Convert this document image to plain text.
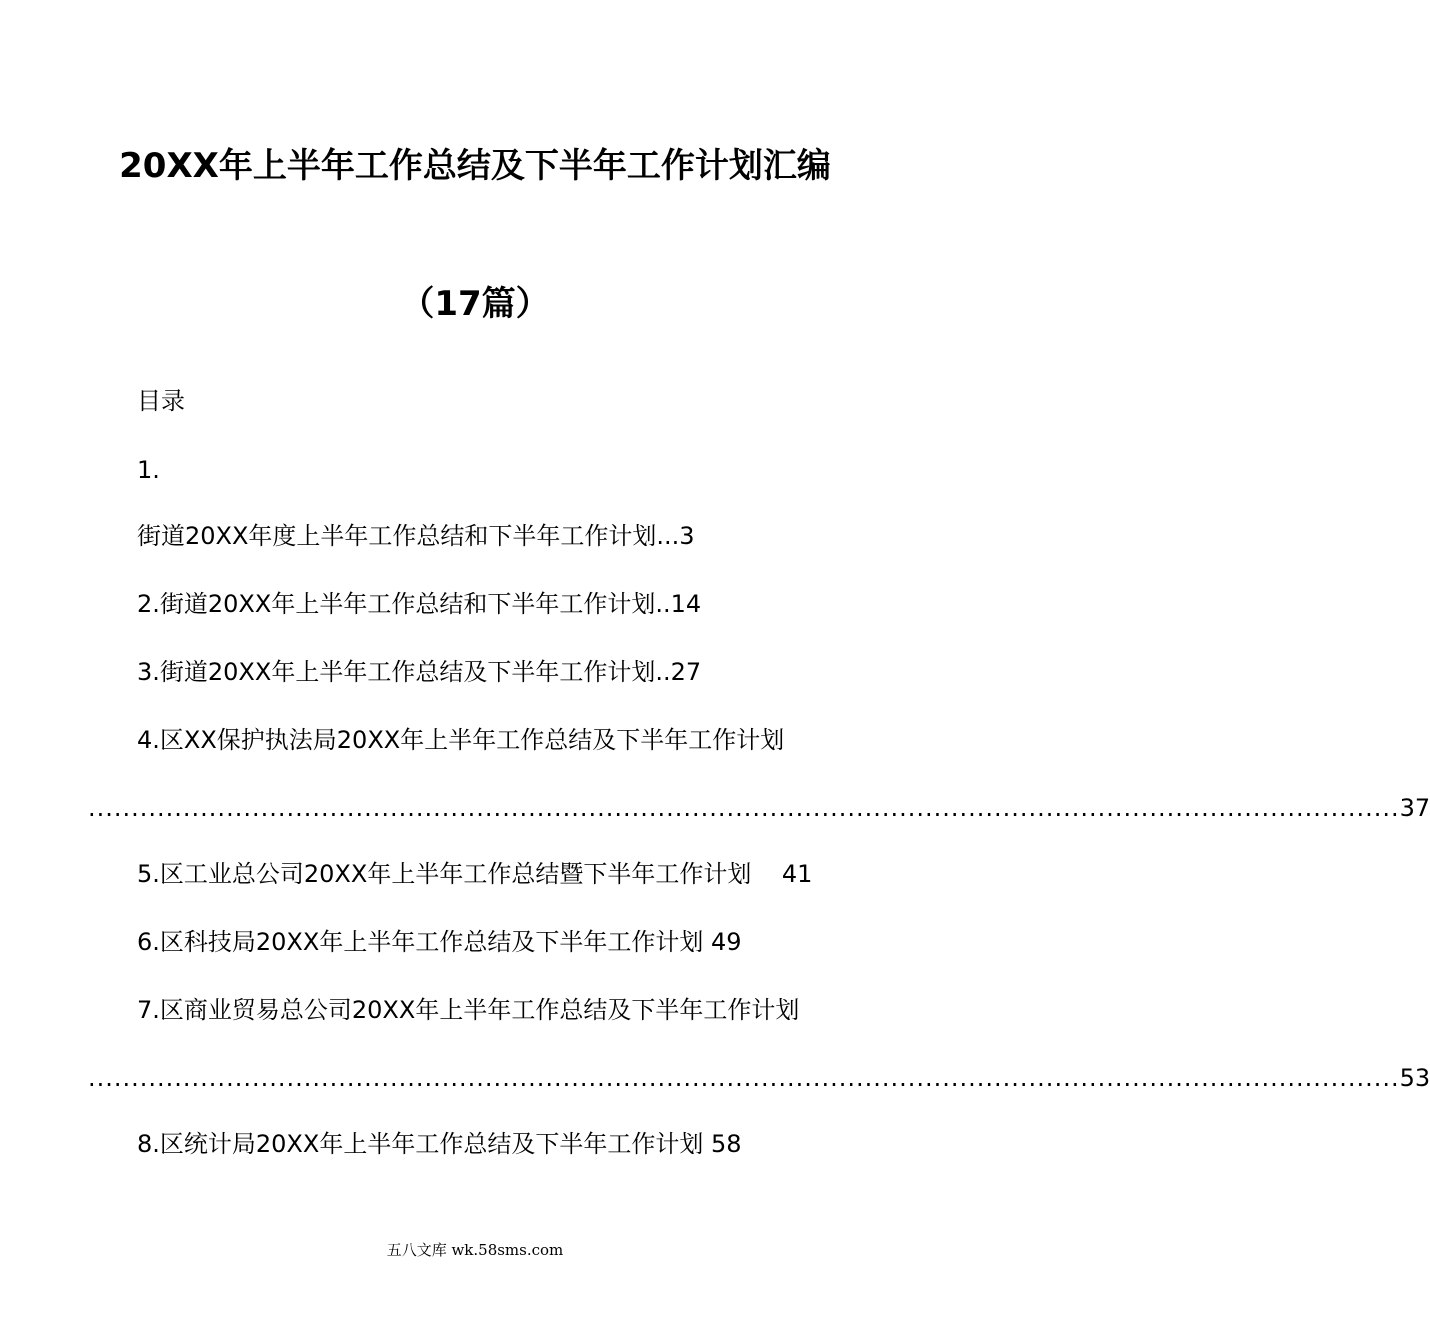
20XX年上半年工作总结及下半年工作计划汇编
（17篇）
目录
1.
街道20XX年度上半年工作总结和下半年工作计划...3
2.街道20XX年上半年工作总结和下半年工作计划..14
3.街道20XX年上半年工作总结及下半年工作计划..27
4.区XX保护执法局20XX年上半年工作总结及下半年工作计划
........................................................................................................................................................ 37
5.区工业总公司20XX年上半年工作总结暨下半年工作计划    41
6.区科技局20XX年上半年工作总结及下半年工作计划 49
7.区商业贸易总公司20XX年上半年工作总结及下半年工作计划
........................................................................................................................................................ 53
8.区统计局20XX年上半年工作总结及下半年工作计划 58
五八文库 wk.58sms.com
